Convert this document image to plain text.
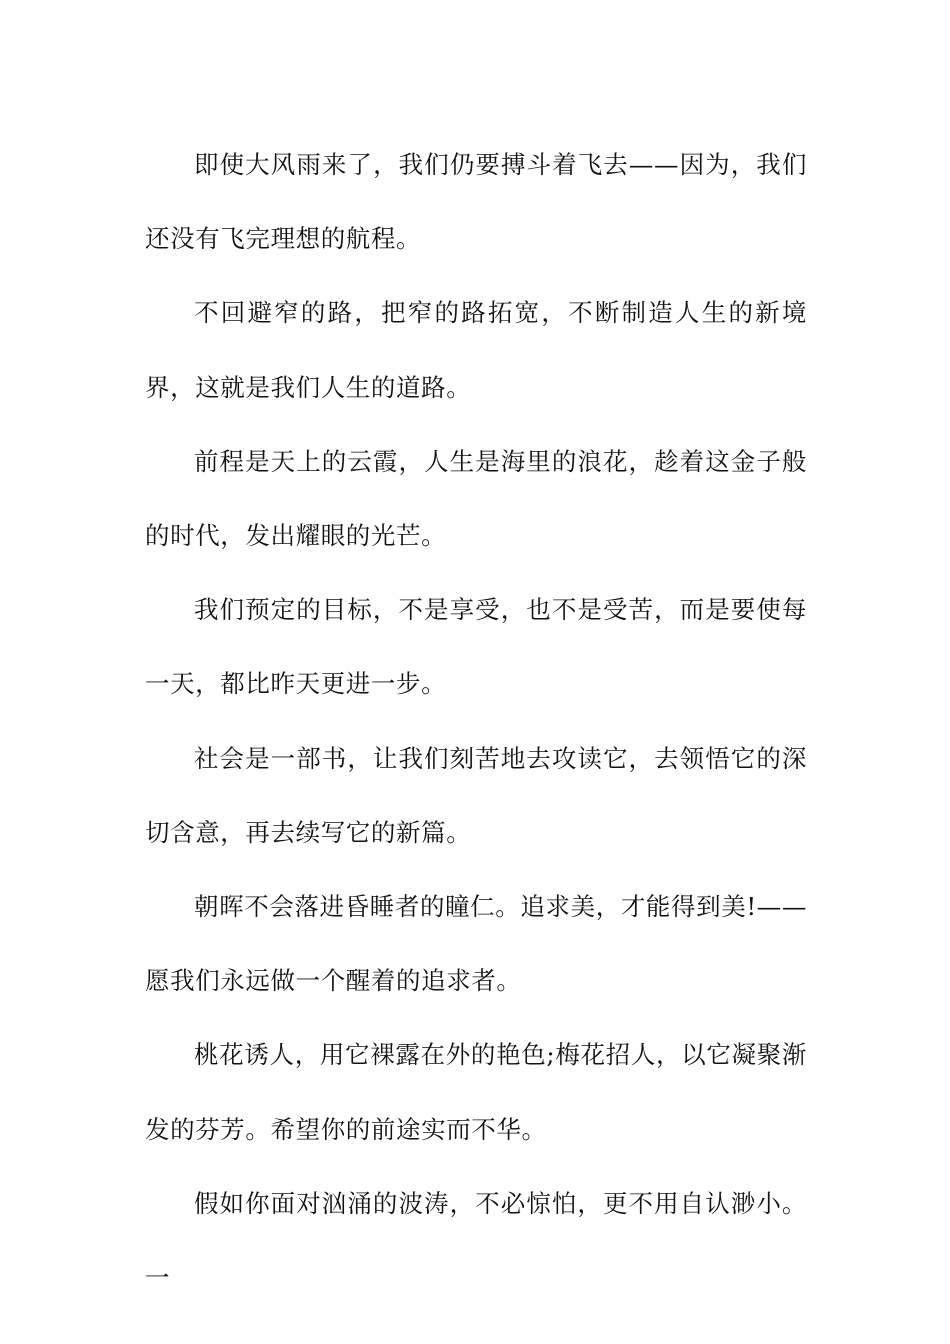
即使大风雨来了，我们仍要搏斗着飞去——因为，我们还没有飞完理想的航程。

不回避窄的路，把窄的路拓宽，不断制造人生的新境界，这就是我们人生的道路。

前程是天上的云霞，人生是海里的浪花，趁着这金子般的时代，发出耀眼的光芒。

我们预定的目标，不是享受，也不是受苦，而是要使每一天，都比昨天更进一步。

社会是一部书，让我们刻苦地去攻读它，去领悟它的深切含意，再去续写它的新篇。

朝晖不会落进昏睡者的瞳仁。追求美，才能得到美!——愿我们永远做一个醒着的追求者。

桃花诱人，用它裸露在外的艳色;梅花招人，以它凝聚渐发的芬芳。希望你的前途实而不华。

假如你面对汹涌的波涛，不必惊怕，更不用自认渺小。一
